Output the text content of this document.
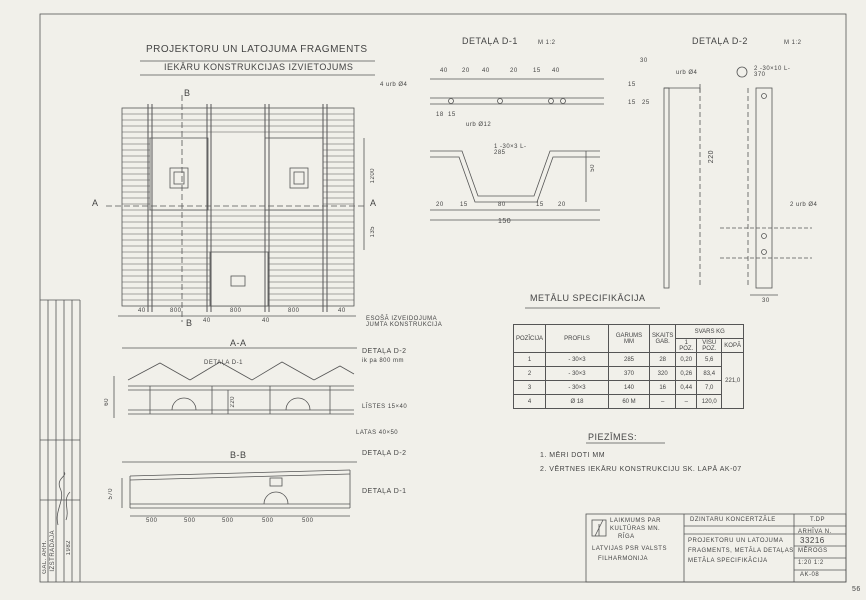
PROJEKTORU UN LATOJUMA FRAGMENTS
IEKĀRU KONSTRUKCIJAS IZVIETOJUMS
B
B
A	A
40	800
40
800
40
800	40
1200
135
DETAĻA D-1	M 1:2
40 20 40	20	15 40
4 urb Ø4
urb Ø12
1 -30×3 L-285
20	15	80	15 20
150
50
18 15
DETAĻA D-2	M 1:2
30
urb Ø4
15
25
15
220
2 -30×10 L-370
2 urb Ø4
30
A-A
DETAĻA D-1
DETAĻA D-2
ik pa 800 mm
ESOŠĀ IZVEIDOJUMA JUMTA KONSTRUKCIJA
LĪSTES 15×40
LATAS 40×50
60	220
B-B	DETAĻA D-2
DETAĻA D-1
570
500	500	500	500	500
METĀLU SPECIFIKĀCIJA
POZĪCIJA	PROFILS	GARUMS MM	SKAITS GAB.	SVARS KG		
				1 POZ.	VISU POZ.	KOPĀ
1	- 30×3	285	28	0,20	5,6	221,0
2	- 30×3	370	320	0,26	83,4	
3	- 30×3	140	16	0,44	7,0	
4	Ø 18	60 M	–	–	120,0	
PIEZĪMES:
1. MĒRI DOTI MM
2. VĒRTNES IEKĀRU KONSTRUKCIJU SK. LAPĀ AK-07
LAIKMUMS PAR
KULTŪRAS MN.
RĪGA
LATVIJAS PSR VALSTS
FILHARMONIJA
DZINTARU KONCERTZĀLE	T.DP
PROJEKTORU UN LATOJUMA
FRAGMENTS, METĀLA DETAĻAS
METĀLA SPECIFIKĀCIJA
ARHĪVA N.
33216
MĒROGS
1:20 1:2
AK-08
GAL. ARH. IZSTRĀDĀJA 1982
56
